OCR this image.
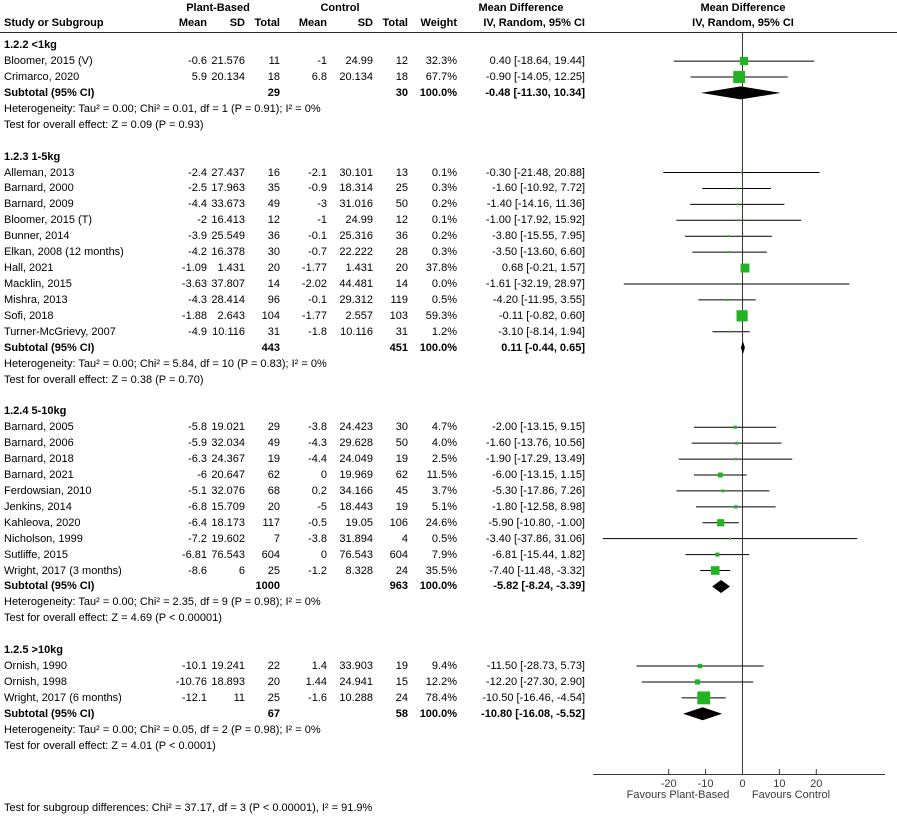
Plant-Based	Control	Mean Difference	Mean Difference
Study or Subgroup	Mean SD Total Mean	SD Total Weight IV, Random, 95% CI	IV, Random, 95% CI
1.2.2 <1kg
Bloomer, 2015 (V)	-0.6 21.576 11	-1 24.99 12 32.3%	0.40 [-18.64, 19.44]
Crimarco, 2020	5.9 20.134 18	6.8 20.134 18 67.7%	-0.90 [-14.05, 12.25]
Subtotal (95% CI)	29	30 100.0%	-0.48 [-11.30, 10.34]
Heterogeneity: Tau² = 0.00; Chi² = 0.01, df = 1 (P = 0.91); I² = 0%
Test for overall effect: Z = 0.09 (P = 0.93)
1.2.3 1-5kg
Alleman, 2013	-2.4 27.437 16	-2.1 30.101 13 0.1%	-0.30 [-21.48, 20.88]
Barnard, 2000	-2.5 17.963 35	-0.9 18.314 25 0.3%	-1.60 [-10.92, 7.72]
Barnard, 2009	-4.4 33.673 49	-3 31.016 50 0.2%	-1.40 [-14.16, 11.36]
Bloomer, 2015 (T)	-2 16.413 12	-1 24.99 12 0.1%	-1.00 [-17.92, 15.92]
Bunner, 2014	-3.9 25.549 36	-0.1 25.316 36 0.2%	-3.80 [-15.55, 7.95]
Elkan, 2008 (12 months)	-4.2 16.378 30	-0.7 22.222 28 0.3%	-3.50 [-13.60, 6.60]
Hall, 2021	-1.09 1.431 20 -1.77 1.431 20 37.8%	0.68 [-0.21, 1.57]
Macklin, 2015	-3.63 37.807 14 -2.02 44.481 14 0.0%	-1.61 [-32.19, 28.97]
Mishra, 2013	-4.3 28.414 96	-0.1 29.312 119 0.5%	-4.20 [-11.95, 3.55]
Sofi, 2018	-1.88 2.643 104 -1.77 2.557 103 59.3%	-0.11 [-0.82, 0.60]
Turner-McGrievy, 2007	-4.9 10.116 31	-1.8 10.116 31 1.2%	-3.10 [-8.14, 1.94]
Subtotal (95% CI)	443	451 100.0%	0.11 [-0.44, 0.65]
Heterogeneity: Tau² = 0.00; Chi² = 5.84, df = 10 (P = 0.83); I² = 0%
Test for overall effect: Z = 0.38 (P = 0.70)
1.2.4 5-10kg
Barnard, 2005	-5.8 19.021 29	-3.8 24.423 30 4.7%	-2.00 [-13.15, 9.15]
Barnard, 2006	-5.9 32.034 49	-4.3 29.628 50 4.0%	-1.60 [-13.76, 10.56]
Barnard, 2018	-6.3 24.367 19	-4.4 24.049 19 2.5%	-1.90 [-17.29, 13.49]
Barnard, 2021	-6 20.647 62	0 19.969 62 11.5%	-6.00 [-13.15, 1.15]
Ferdowsian, 2010	-5.1 32.076 68	0.2 34.166 45 3.7%	-5.30 [-17.86, 7.26]
Jenkins, 2014	-6.8 15.709 20	-5 18.443 19 5.1%	-1.80 [-12.58, 8.98]
Kahleova, 2020	-6.4 18.173 117	-0.5 19.05 106 24.6%	-5.90 [-10.80, -1.00]
Nicholson, 1999	-7.2 19.602	7	-3.8 31.894	4 0.5%	-3.40 [-37.86, 31.06]
Sutliffe, 2015	-6.81 76.543 604	0 76.543 604 7.9%	-6.81 [-15.44, 1.82]
Wright, 2017 (3 months)	-8.6	6 25	-1.2 8.328 24 35.5%	-7.40 [-11.48, -3.32]
Subtotal (95% CI)	1000	963 100.0%	-5.82 [-8.24, -3.39]
Heterogeneity: Tau² = 0.00; Chi² = 2.35, df = 9 (P = 0.98); I² = 0%
Test for overall effect: Z = 4.69 (P < 0.00001)
1.2.5 >10kg
Ornish, 1990	-10.1 19.241 22	1.4 33.903 19 9.4%	-11.50 [-28.73, 5.73]
Ornish, 1998	-10.76 18.893 20 1.44 24.941 15 12.2%	-12.20 [-27.30, 2.90]
Wright, 2017 (6 months)	-12.1 11 25	-1.6 10.288 24 78.4% -10.50 [-16.46, -4.54]
Subtotal (95% CI)	67	58 100.0% -10.80 [-16.08, -5.52]
Heterogeneity: Tau² = 0.00; Chi² = 0.05, df = 2 (P = 0.98); I² = 0%
Test for overall effect: Z = 4.01 (P < 0.0001)
-20 -10 0	10 20
Favours Plant-Based Favours Control
Test for subgroup differences: Chi² = 37.17, df = 3 (P < 0.00001), I² = 91.9%
